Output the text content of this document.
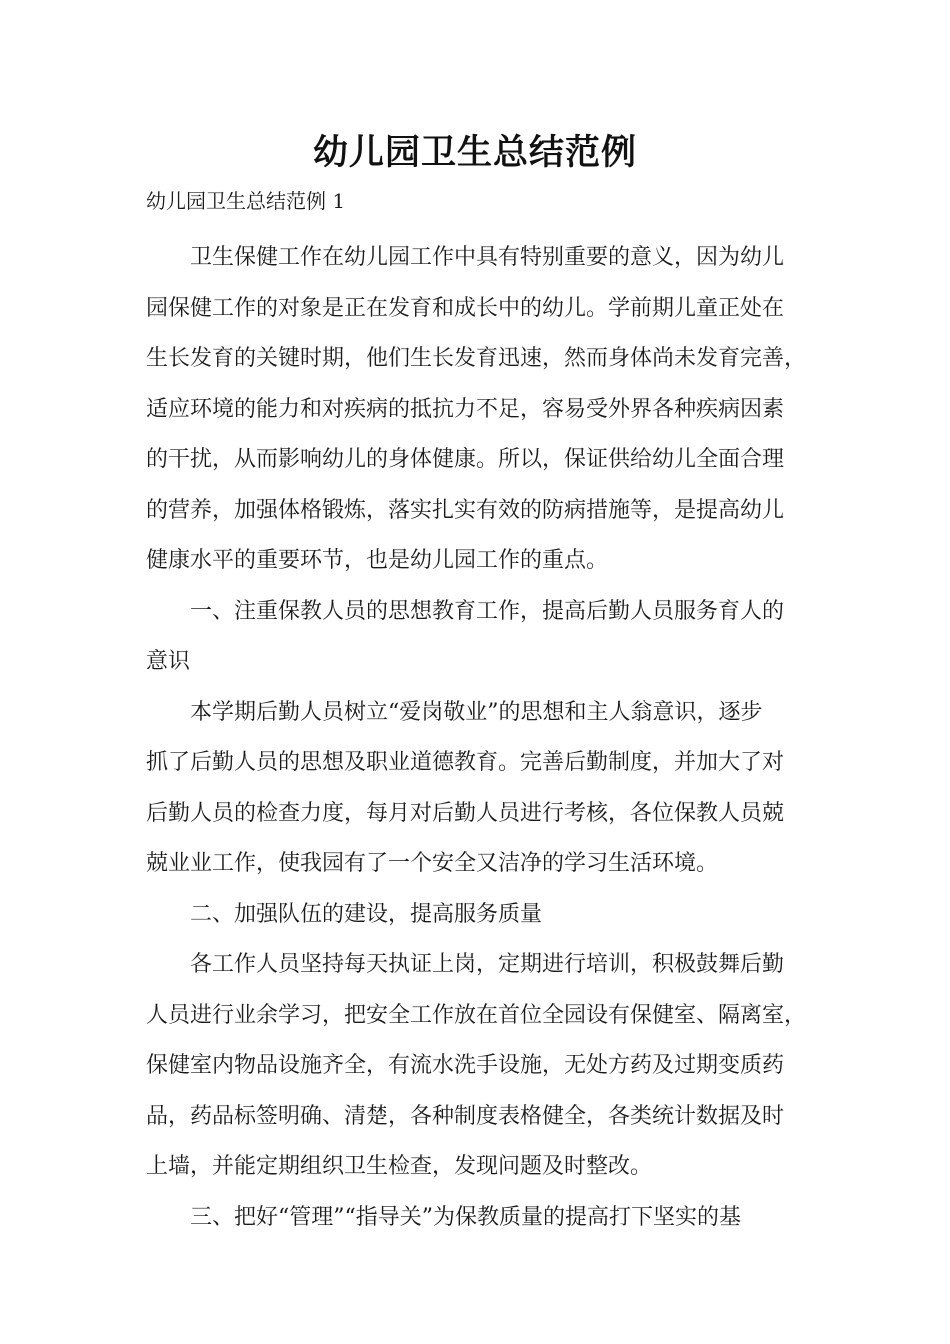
幼儿园卫生总结范例
幼儿园卫生总结范例 1

卫生保健工作在幼儿园工作中具有特别重要的意义，因为幼儿
园保健工作的对象是正在发育和成长中的幼儿。学前期儿童正处在
生长发育的关键时期，他们生长发育迅速，然而身体尚未发育完善，
适应环境的能力和对疾病的抵抗力不足，容易受外界各种疾病因素
的干扰，从而影响幼儿的身体健康。所以，保证供给幼儿全面合理
的营养，加强体格锻炼，落实扎实有效的防病措施等，是提高幼儿
健康水平的重要环节，也是幼儿园工作的重点。

一、注重保教人员的思想教育工作，提高后勤人员服务育人的
意识

本学期后勤人员树立“爱岗敬业”的思想和主人翁意识，逐步
抓了后勤人员的思想及职业道德教育。完善后勤制度，并加大了对
后勤人员的检查力度，每月对后勤人员进行考核，各位保教人员兢
兢业业工作，使我园有了一个安全又洁净的学习生活环境。

二、加强队伍的建设，提高服务质量

各工作人员坚持每天执证上岗，定期进行培训，积极鼓舞后勤
人员进行业余学习，把安全工作放在首位全园设有保健室、隔离室，
保健室内物品设施齐全，有流水洗手设施，无处方药及过期变质药
品，药品标签明确、清楚，各种制度表格健全，各类统计数据及时
上墙，并能定期组织卫生检查，发现问题及时整改。

三、把好“管理”“指导关”为保教质量的提高打下坚实的基
